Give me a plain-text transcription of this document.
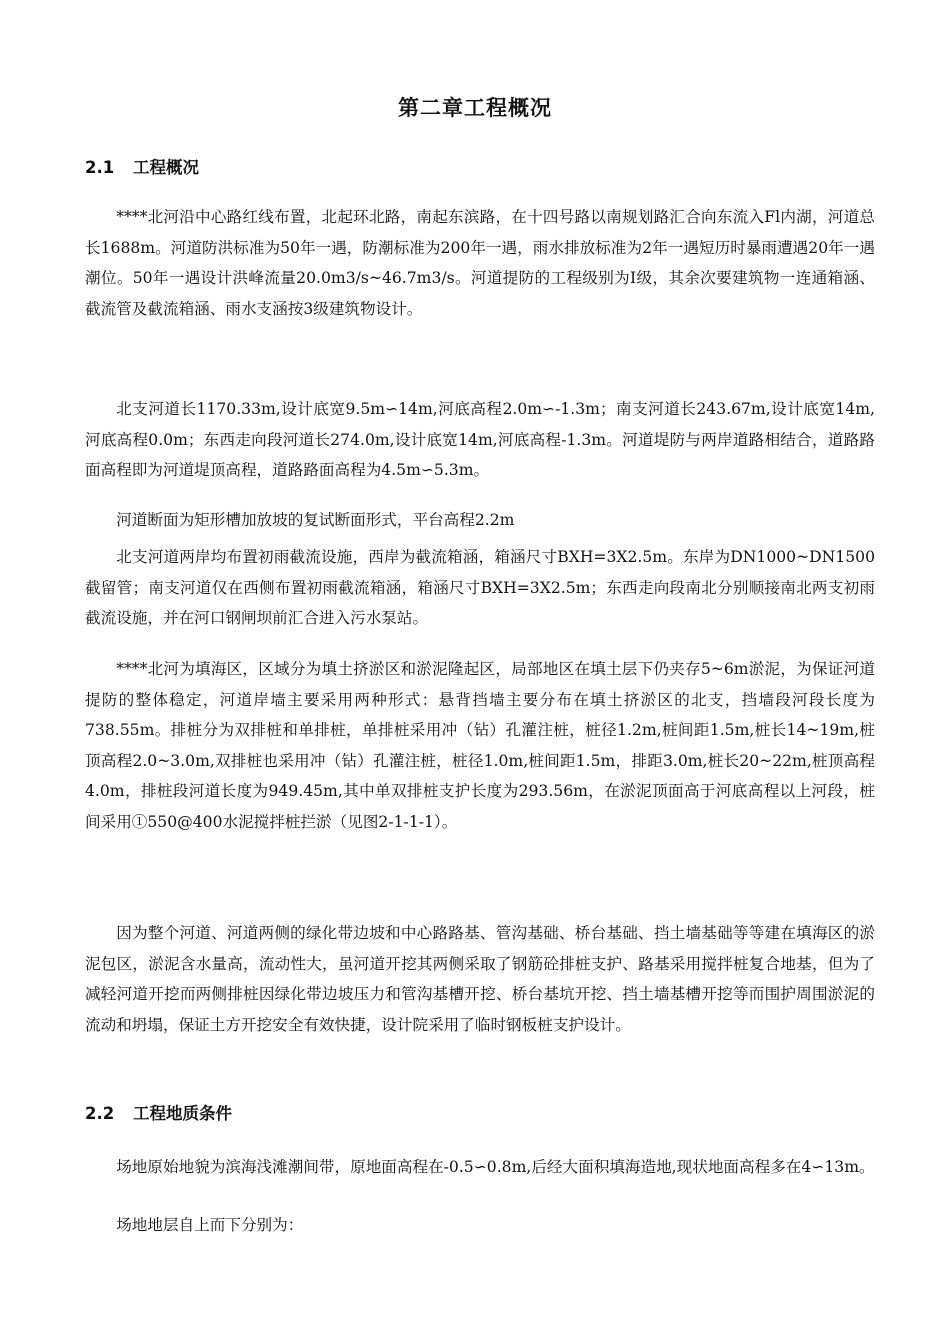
第二章工程概况
2.1 工程概况

****北河沿中心路红线布置，北起环北路，南起东滨路，在十四号路以南规划路汇合向东流入Fl内湖，河道总长1688m。河道防洪标准为50年一遇，防潮标准为200年一遇，雨水排放标准为2年一遇短历时暴雨遭遇20年一遇潮位。50年一遇设计洪峰流量20.0m3/s~46.7m3/s。河道提防的工程级别为Ⅰ级，其余次要建筑物一连通箱涵、截流管及截流箱涵、雨水支涵按3级建筑物设计。

北支河道长1170.33m,设计底宽9.5m∽14m,河底高程2.0m∽-1.3m；南支河道长243.67m,设计底宽14m,河底高程0.0m；东西走向段河道长274.0m,设计底宽14m,河底高程-1.3m。河道堤防与两岸道路相结合，道路路面高程即为河道堤顶高程，道路路面高程为4.5m∽5.3m。

河道断面为矩形槽加放坡的复试断面形式，平台高程2.2m

北支河道两岸均布置初雨截流设施，西岸为截流箱涵，箱涵尺寸BXH=3X2.5m。东岸为DN1000~DN1500截留管；南支河道仅在西侧布置初雨截流箱涵，箱涵尺寸BXH=3X2.5m；东西走向段南北分别顺接南北两支初雨截流设施，并在河口钢闸坝前汇合进入污水泵站。

****北河为填海区，区域分为填土挤淤区和淤泥隆起区，局部地区在填土层下仍夹存5~6m淤泥，为保证河道提防的整体稳定，河道岸墙主要采用两种形式：悬背挡墙主要分布在填土挤淤区的北支，挡墙段河段长度为738.55m。排桩分为双排桩和单排桩，单排桩采用冲（钻）孔灌注桩，桩径1.2m,桩间距1.5m,桩长14~19m,桩顶高程2.0~3.0m,双排桩也采用冲（钻）孔灌注桩，桩径1.0m,桩间距1.5m，排距3.0m,桩长20~22m,桩顶高程4.0m，排桩段河道长度为949.45m,其中单双排桩支护长度为293.56m，在淤泥顶面高于河底高程以上河段，桩间采用①550@400水泥搅拌桩拦淤（见图2-1-1-1）。

因为整个河道、河道两侧的绿化带边坡和中心路路基、管沟基础、桥台基础、挡土墙基础等等建在填海区的淤泥包区，淤泥含水量高，流动性大，虽河道开挖其两侧采取了钢筋砼排桩支护、路基采用搅拌桩复合地基，但为了减轻河道开挖而两侧排桩因绿化带边坡压力和管沟基槽开挖、桥台基坑开挖、挡土墙基槽开挖等而围护周围淤泥的流动和坍塌，保证土方开挖安全有效快捷，设计院采用了临时钢板桩支护设计。

2.2 工程地质条件

场地原始地貌为滨海浅滩潮间带，原地面高程在-0.5∽0.8m,后经大面积填海造地,现状地面高程多在4∽13m。

场地地层自上而下分别为：
